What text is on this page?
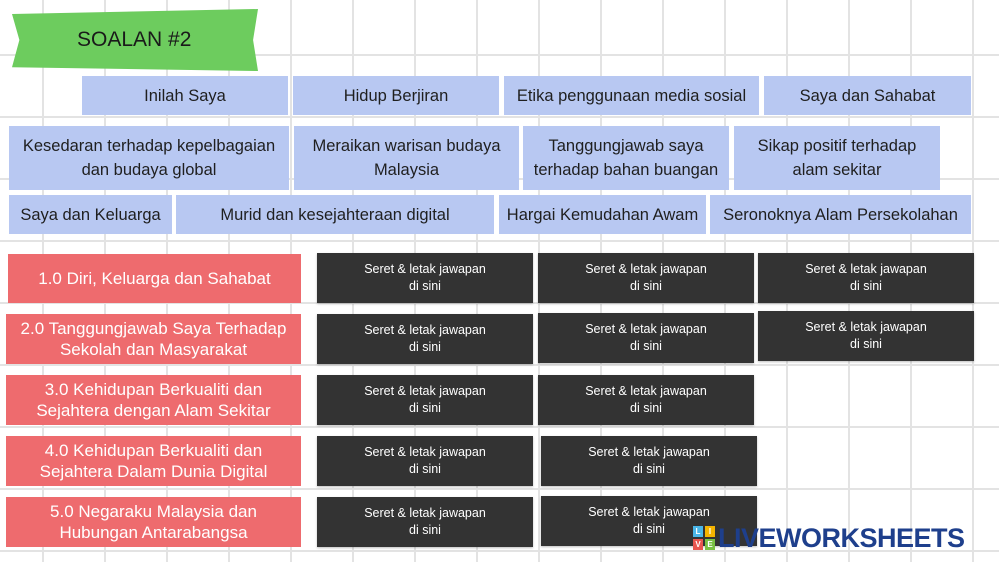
SOALAN #2
Inilah Saya	Hidup Berjiran	Etika penggunaan media sosial	Saya dan Sahabat
Kesedaran terhadap kepelbagaian dan budaya global
Meraikan warisan budaya Malaysia
Tanggungjawab saya terhadap bahan buangan
Sikap positif terhadap alam sekitar
Saya dan Keluarga	Murid dan kesejahteraan digital	Hargai Kemudahan Awam	Seronoknya Alam Persekolahan
1.0 Diri, Keluarga dan Sahabat
2.0 Tanggungjawab Saya Terhadap Sekolah dan Masyarakat
3.0 Kehidupan Berkualiti dan Sejahtera dengan Alam Sekitar
4.0 Kehidupan Berkualiti dan Sejahtera Dalam Dunia Digital
5.0 Negaraku Malaysia dan Hubungan Antarabangsa
Seret & letak jawapan
di sini
Seret & letak jawapan
di sini
Seret & letak jawapan
di sini
Seret & letak jawapan
di sini
Seret & letak jawapan
di sini
Seret & letak jawapan
di sini
Seret & letak jawapan
di sini
Seret & letak jawapan
di sini
Seret & letak jawapan
di sini
Seret & letak jawapan
di sini
Seret & letak jawapan
di sini
Seret & letak jawapan
di sini	L	I
V E LIVEWORKSHEETS
